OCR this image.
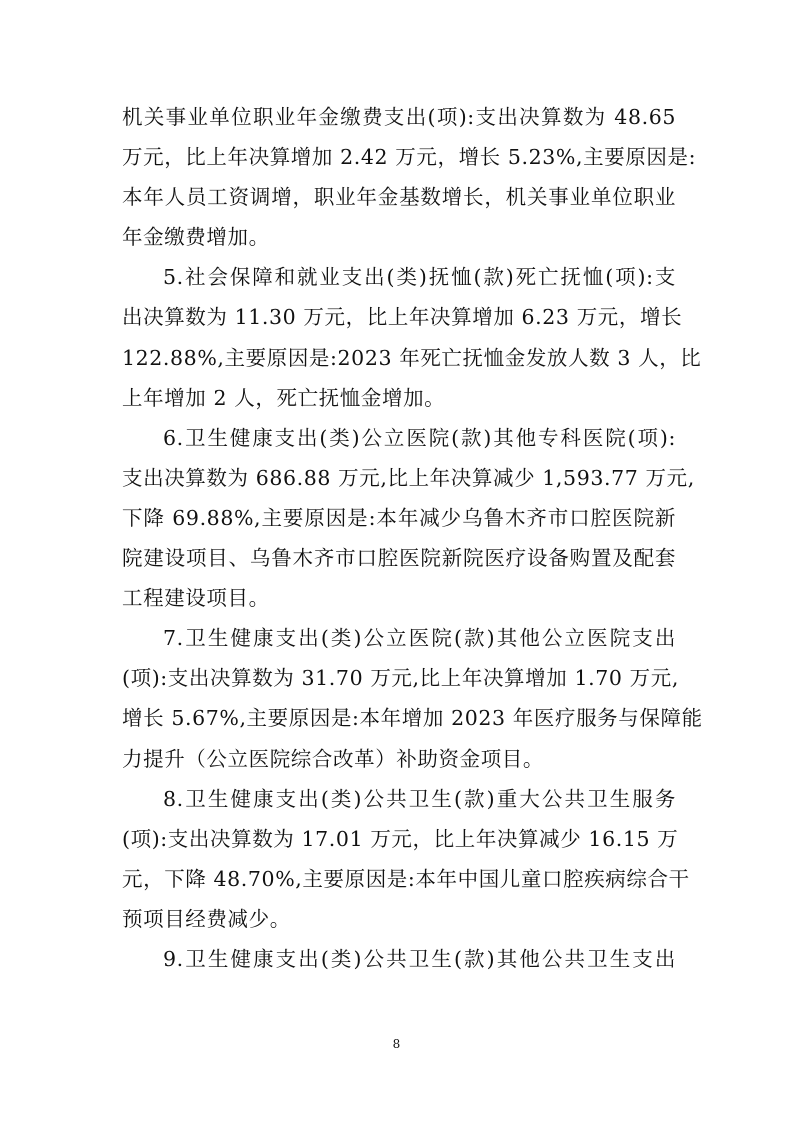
机关事业单位职业年金缴费支出(项):支出决算数为 48.65
万元，比上年决算增加 2.42 万元，增长 5.23%,主要原因是:
本年人员工资调增，职业年金基数增长，机关事业单位职业
年金缴费增加。

5.社会保障和就业支出(类)抚恤(款)死亡抚恤(项):支
出决算数为 11.30 万元，比上年决算增加 6.23 万元，增长
122.88%,主要原因是:2023 年死亡抚恤金发放人数 3 人，比
上年增加 2 人，死亡抚恤金增加。

6.卫生健康支出(类)公立医院(款)其他专科医院(项):
支出决算数为 686.88 万元,比上年决算减少 1,593.77 万元,
下降 69.88%,主要原因是:本年减少乌鲁木齐市口腔医院新
院建设项目、乌鲁木齐市口腔医院新院医疗设备购置及配套
工程建设项目。

7.卫生健康支出(类)公立医院(款)其他公立医院支出
(项):支出决算数为 31.70 万元,比上年决算增加 1.70 万元,
增长 5.67%,主要原因是:本年增加 2023 年医疗服务与保障能
力提升（公立医院综合改革）补助资金项目。

8.卫生健康支出(类)公共卫生(款)重大公共卫生服务
(项):支出决算数为 17.01 万元，比上年决算减少 16.15 万
元，下降 48.70%,主要原因是:本年中国儿童口腔疾病综合干
预项目经费减少。

9.卫生健康支出(类)公共卫生(款)其他公共卫生支出

8
